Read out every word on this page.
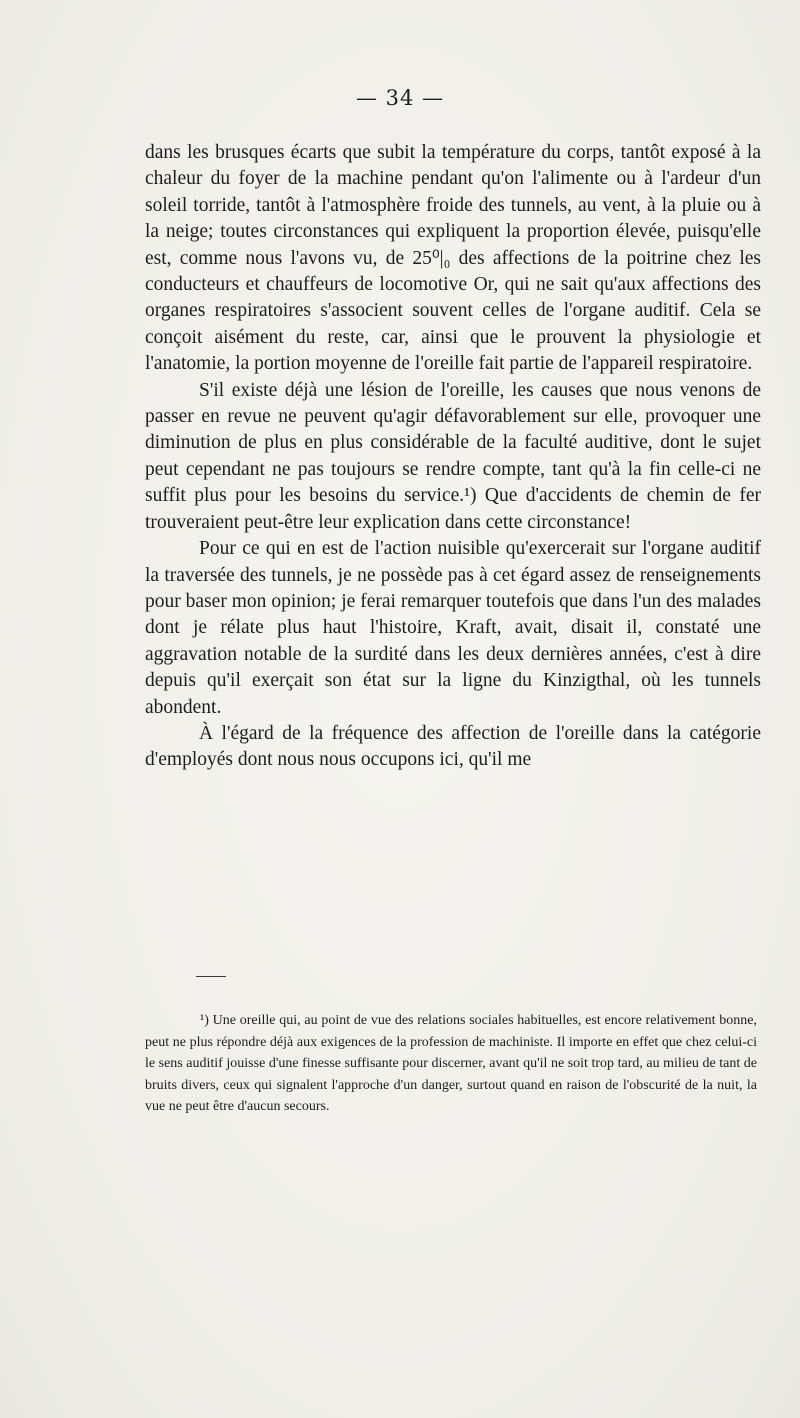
— 34 —

dans les brusques écarts que subit la température du corps, tantôt exposé à la chaleur du foyer de la machine pendant qu'on l'alimente ou à l'ardeur d'un soleil torride, tantôt à l'atmosphère froide des tunnels, au vent, à la pluie ou à la neige; toutes circonstances qui expliquent la proportion élevée, puisqu'elle est, comme nous l'avons vu, de 25⁰|₀ des affections de la poitrine chez les conducteurs et chauffeurs de locomotive Or, qui ne sait qu'aux affections des organes respiratoires s'associent souvent celles de l'organe auditif. Cela se conçoit aisément du reste, car, ainsi que le prouvent la physiologie et l'anatomie, la portion moyenne de l'oreille fait partie de l'appareil respiratoire.

S'il existe déjà une lésion de l'oreille, les causes que nous venons de passer en revue ne peuvent qu'agir défavorablement sur elle, provoquer une diminution de plus en plus considérable de la faculté auditive, dont le sujet peut cependant ne pas toujours se rendre compte, tant qu'à la fin celle-ci ne suffit plus pour les besoins du service.¹) Que d'accidents de chemin de fer trouveraient peut-être leur explication dans cette circonstance!

Pour ce qui en est de l'action nuisible qu'exercerait sur l'organe auditif la traversée des tunnels, je ne possède pas à cet égard assez de renseignements pour baser mon opinion; je ferai remarquer toutefois que dans l'un des malades dont je rélate plus haut l'histoire, Kraft, avait, disait il, constaté une aggravation notable de la surdité dans les deux dernières années, c'est à dire depuis qu'il exerçait son état sur la ligne du Kinzigthal, où les tunnels abondent.

À l'égard de la fréquence des affection de l'oreille dans la catégorie d'employés dont nous nous occupons ici, qu'il me

¹) Une oreille qui, au point de vue des relations sociales habituelles, est encore relativement bonne, peut ne plus répondre déjà aux exigences de la profession de machiniste. Il importe en effet que chez celui-ci le sens auditif jouisse d'une finesse suffisante pour discerner, avant qu'il ne soit trop tard, au milieu de tant de bruits divers, ceux qui signalent l'approche d'un danger, surtout quand en raison de l'obscurité de la nuit, la vue ne peut être d'aucun secours.
